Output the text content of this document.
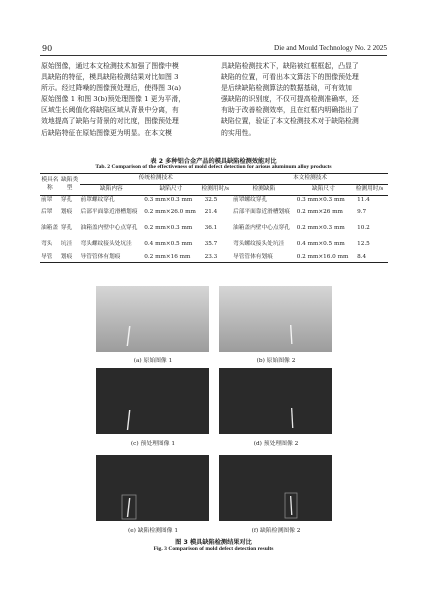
90	Die and Mould Technology No. 2 2025
原始图像，通过本文检测技术加强了图像中模
具缺陷的特征，模具缺陷检测结果对比如图 3
所示。经过降噪的图像预处理后，使得图 3(a)
原始图像 1 和图 3(b)预处理图像 1 更为平滑，
区域生长阈值化将缺陷区域从背景中分离，有
效地提高了缺陷与背景的对比度，图像预处理
后缺陷特征在原始图像更为明显。在本文模
具缺陷检测技术下，缺陷被红框框起，凸显了
缺陷的位置，可看出本文算法下的图像预处理
是后续缺陷检测算法的数据基础，可有效加
强缺陷的识别度，不仅可提高检测准确率，还
有助于改善检测效率，且在红框内明确指出了
缺陷位置，验证了本文检测技术对于缺陷检测
的实用性。
表 2 多种铝合金产品的模具缺陷检测效能对比
Tab. 2 Comparison of the effectiveness of mold defect detection for arious aluminum alloy products
模具名称	缺陷类型	传统检测技术			本文检测技术		
		缺陷内容	缺陷尺寸	检测用时/s	检测缺陷	缺陷尺寸	检测用时/s
前罩	穿孔	前罩螺纹穿孔	0.3 mm×0.3 mm	32.5	前罩螺纹穿孔	0.3 mm×0.3 mm	11.4
后罩	划痕	后部平面靠近滑槽划痕	0.2 mm×26.0 mm	21.4	后部平面靠近滑槽划痕	0.2 mm×26 mm	9.7
油箱盖	穿孔	油箱盖内壁中心点穿孔	0.2 mm×0.3 mm	36.1	油箱盖内壁中心点穿孔	0.2 mm×0.3 mm	10.2
弯头	坑洼	弯头螺纹接头处坑洼	0.4 mm×0.5 mm	35.7	弯头螺纹接头处坑洼	0.4 mm×0.5 mm	12.5
导管	划痕	导管管体有划痕	0.2 mm×16 mm	23.3	导管管体有划痕	0.2 mm×16.0 mm	8.4
(a) 原始图像 1	(b) 原始图像 2
(c) 预处理图像 1	(d) 预处理图像 2
(e) 缺陷检测图像 1	(f) 缺陷检测图像 2
图 3 模具缺陷检测结果对比
Fig. 3 Comparison of mold defect detection results
